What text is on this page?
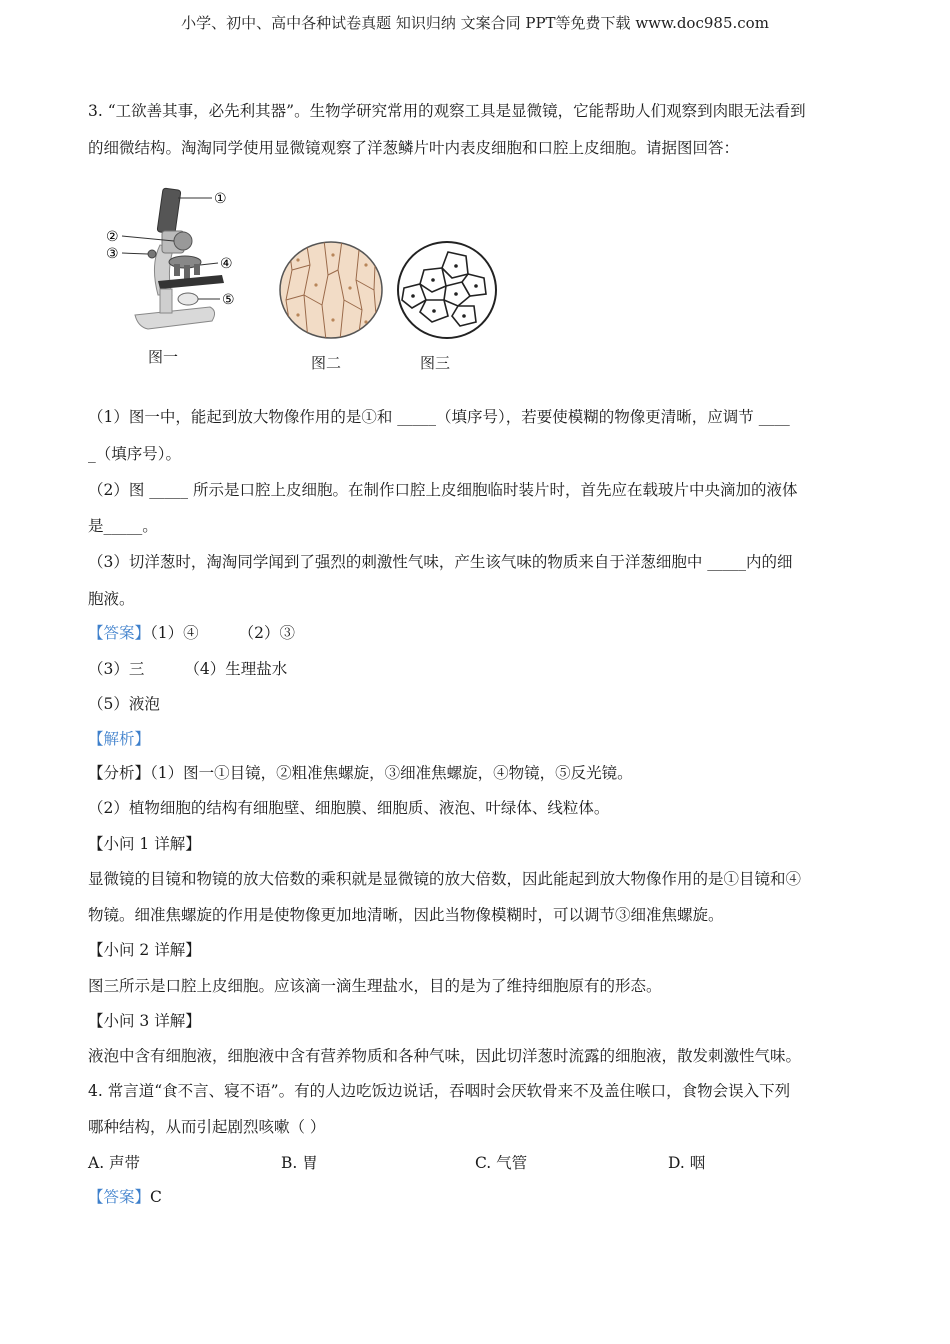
小学、初中、高中各种试卷真题 知识归纳 文案合同 PPT等免费下载 www.doc985.com
3. “工欲善其事，必先利其器”。生物学研究常用的观察工具是显微镜，它能帮助人们观察到肉眼无法看到
的细微结构。淘淘同学使用显微镜观察了洋葱鳞片叶内表皮细胞和口腔上皮细胞。请据图回答：
①
②
③
④
⑤
图一	图二	图三
（1）图一中，能起到放大物像作用的是①和 _____（填序号），若要使模糊的物像更清晰，应调节 ____
_（填序号）。
（2）图 _____ 所示是口腔上皮细胞。在制作口腔上皮细胞临时装片时，首先应在载玻片中央滴加的液体
是_____。
（3）切洋葱时，淘淘同学闻到了强烈的刺激性气味，产生该气味的物质来自于洋葱细胞中 _____内的细
胞液。
【答案】（1）④	（2）③
（3）三	（4）生理盐水
（5）液泡
【解析】
【分析】（1）图一①目镜，②粗准焦螺旋，③细准焦螺旋，④物镜，⑤反光镜。
（2）植物细胞的结构有细胞壁、细胞膜、细胞质、液泡、叶绿体、线粒体。
【小问 1 详解】
显微镜的目镜和物镜的放大倍数的乘积就是显微镜的放大倍数，因此能起到放大物像作用的是①目镜和④
物镜。细准焦螺旋的作用是使物像更加地清晰，因此当物像模糊时，可以调节③细准焦螺旋。
【小问 2 详解】
图三所示是口腔上皮细胞。应该滴一滴生理盐水，目的是为了维持细胞原有的形态。
【小问 3 详解】
液泡中含有细胞液，细胞液中含有营养物质和各种气味，因此切洋葱时流露的细胞液，散发刺激性气味。
4. 常言道“食不言、寝不语”。有的人边吃饭边说话，吞咽时会厌软骨来不及盖住喉口，食物会误入下列
哪种结构，从而引起剧烈咳嗽（ ）
A. 声带	B. 胃	C. 气管	D. 咽
【答案】C
